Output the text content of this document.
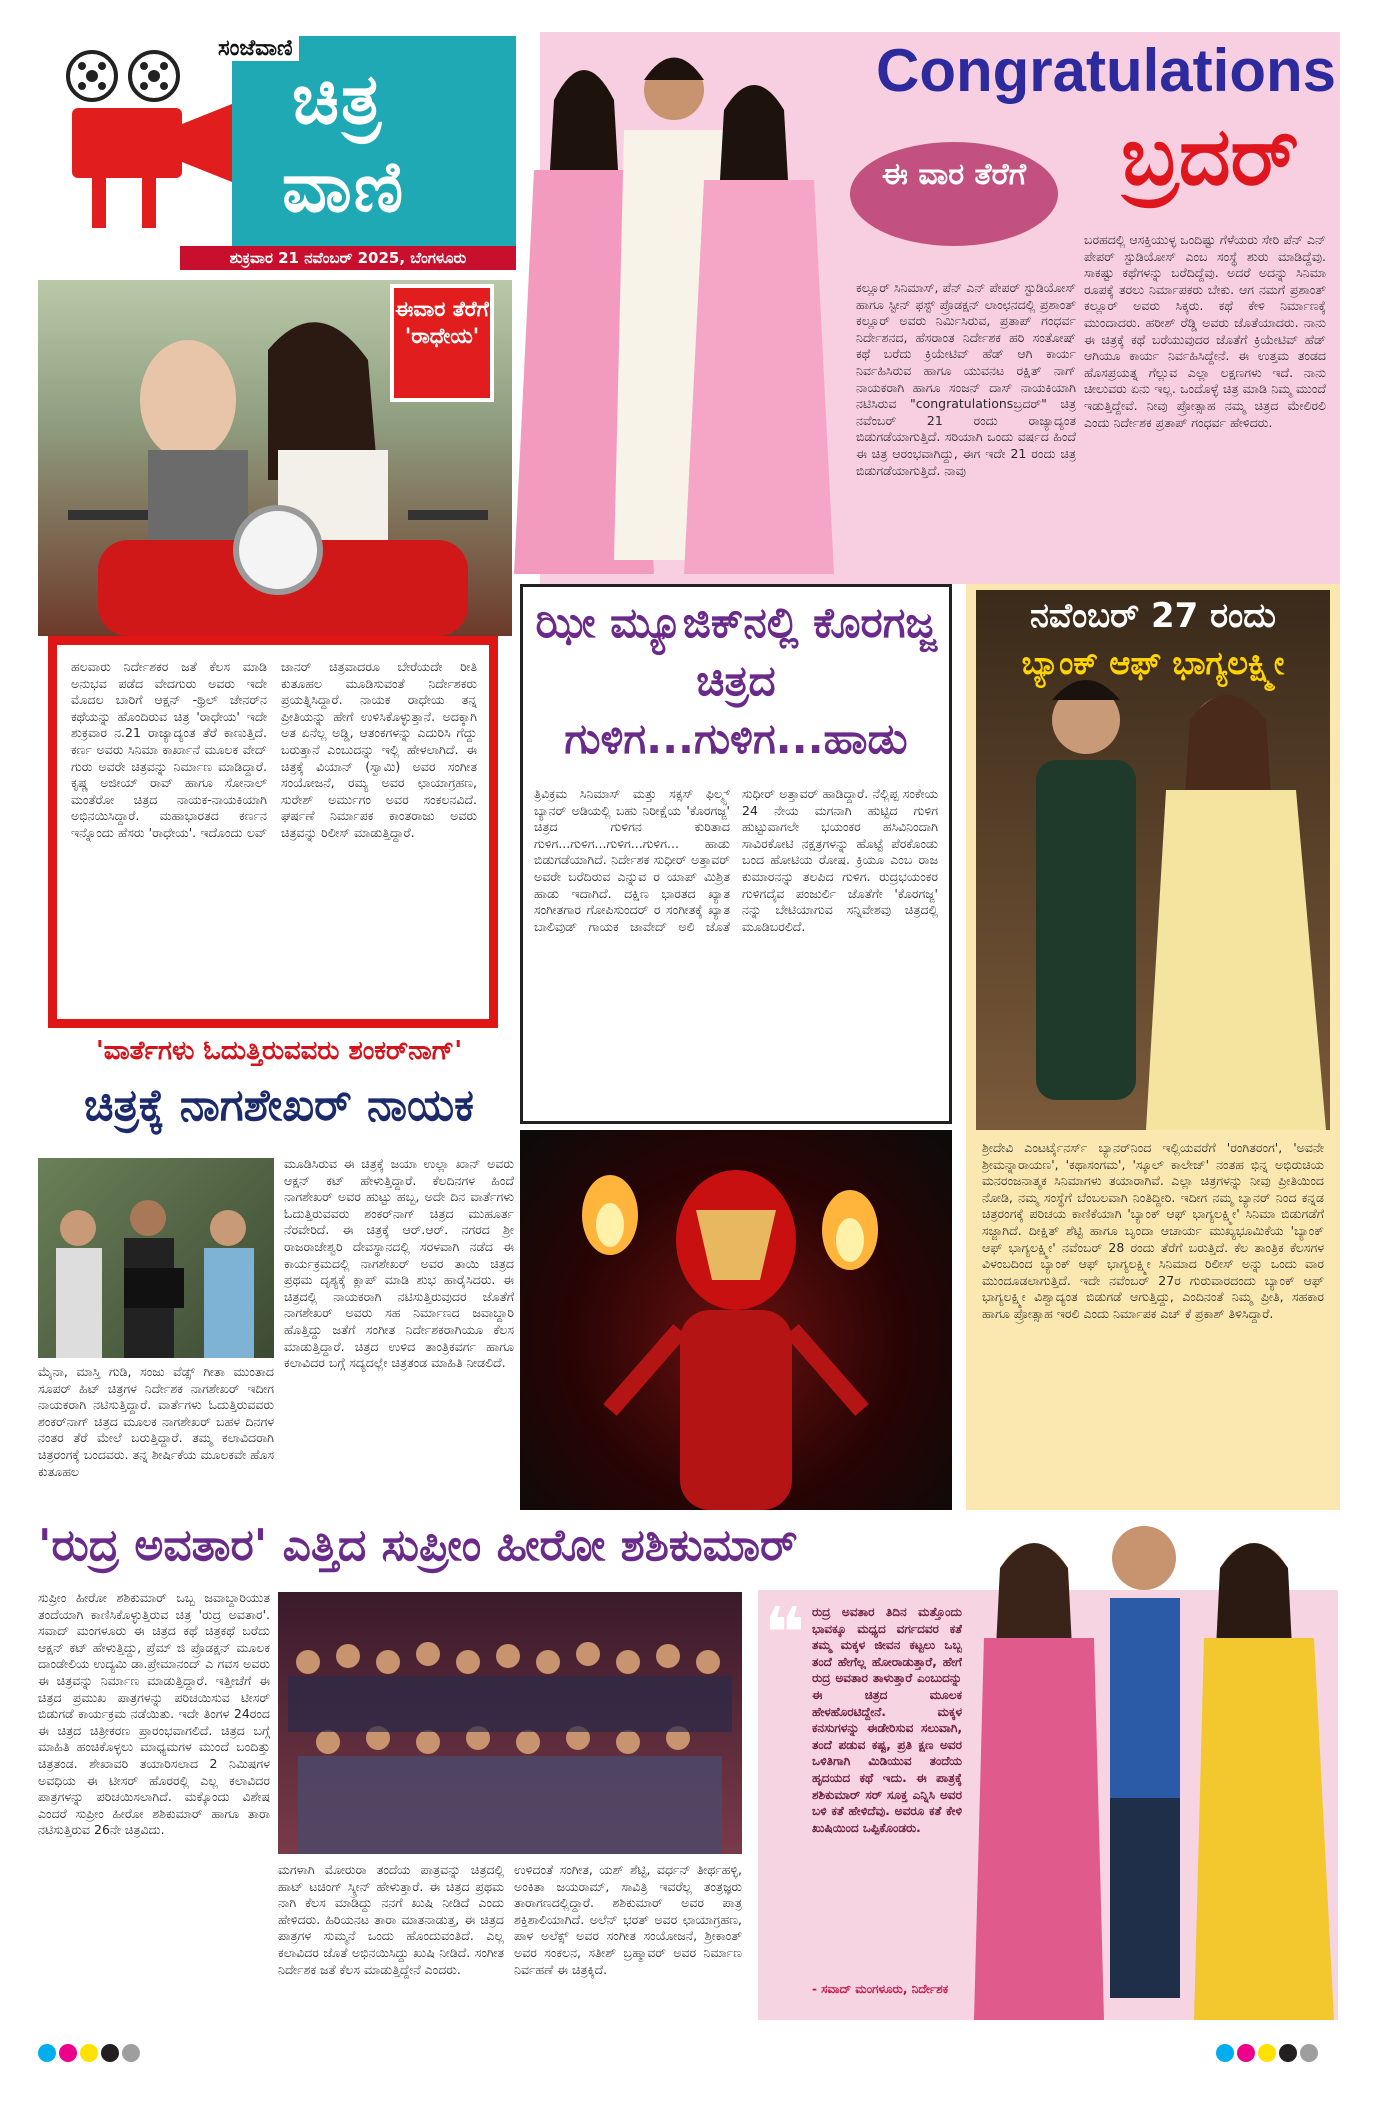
ಸಂಜೆವಾಣಿ
ಚಿತ್ರ
ವಾಣಿ
ಶುಕ್ರವಾರ 21 ನವೆಂಬರ್ 2025, ಬೆಂಗಳೂರು
ಈವಾರ ತೆರೆಗೆ 'ರಾಧೇಯ'
ಹಲವಾರು ನಿರ್ದೇಶಕರ ಜತೆ ಕೆಲಸ ಮಾಡಿ ಅನುಭವ ಪಡೆದ ವೇದಗುರು ಅವರು ಇದೇ ಮೊದಲ ಬಾರಿಗೆ ಆಕ್ಷನ್ -ಥ್ರಿಲ್ ಜೇನರ್‌ನ ಕಥೆಯನ್ನು ಹೊಂದಿರುವ ಚಿತ್ರ 'ರಾಧೇಯ' ಇದೇ ಶುಕ್ರವಾರ ನ.21 ರಾಜ್ಯಾದ್ಯಂತ ತೆರೆ ಕಾಣುತ್ತಿದೆ. ಕರ್ಣ ಅವರು ಸಿನಿಮಾ ಕಾರ್ಖಾನೆ ಮೂಲಕ ವೇದ್ ಗುರು ಅವರೇ ಚಿತ್ರವನ್ನು ನಿರ್ಮಾಣ ಮಾಡಿದ್ದಾರೆ. ಕೃಷ್ಣ ಅಜೀಯ್ ರಾವ್ ಹಾಗೂ ಸೋನಾಲ್ ಮಂತೆರೋ ಚಿತ್ರದ ನಾಯಕ-ನಾಯಕಿಯಾಗಿ ಅಭಿನಯಿಸಿದ್ದಾರೆ. ಮಹಾಭಾರತದ ಕರ್ಣನ ಇನ್ನೊಂದು ಹೆಸರು 'ರಾಧೇಯ'. ಇದೊಂದು ಲವ್ ಜಾನರ್ ಚಿತ್ರವಾದರೂ ಬೇರೆಯದೇ ರೀತಿ ಕುತೂಹಲ ಮೂಡಿಸುವಂತೆ ನಿರ್ದೇಶಕರು ಪ್ರಯತ್ನಿಸಿದ್ದಾರೆ. ನಾಯಕ ರಾಧೇಯ ತನ್ನ ಪ್ರೀತಿಯನ್ನು ಹೇಗೆ ಉಳಿಸಿಕೊಳ್ಳುತ್ತಾನೆ. ಅದಕ್ಕಾಗಿ ಅತ ಏನೆಲ್ಲ ಅಡ್ಡಿ, ಆತಂಕಗಳನ್ನು ಎದುರಿಸಿ ಗೆದ್ದು ಬರುತ್ತಾನೆ ಎಂಬುದನ್ನು ಇಲ್ಲಿ ಹೇಳಲಾಗಿದೆ. ಈ ಚಿತ್ರಕ್ಕೆ ವಿಯಾನ್ (ಸ್ವಾಮಿ) ಅವರ ಸಂಗೀತ ಸಂಯೋಜನೆ, ರಮ್ಯ ಅವರ ಛಾಯಾಗ್ರಹಣ, ಸುರೇಶ್ ಅರ್ಮುಗಂ ಅವರ ಸಂಕಲನವಿದೆ. ಘರ್ಷಣೆ ನಿರ್ಮಾಪಕ ಕಾಂತರಾಜು ಅವರು ಚಿತ್ರವನ್ನು ರಿಲೀಸ್ ಮಾಡುತ್ತಿದ್ದಾರೆ.
'ವಾರ್ತೆಗಳು ಓದುತ್ತಿರುವವರು ಶಂಕರ್‌ನಾಗ್'
ಚಿತ್ರಕ್ಕೆ ನಾಗಶೇಖರ್ ನಾಯಕ
ಮೈನಾ, ಮಾಸ್ತಿ ಗುಡಿ, ಸಂಜು ವೆಡ್ಸ್ ಗೀತಾ ಮುಂತಾದ ಸೂಪರ್ ಹಿಟ್ ಚಿತ್ರಗಳ ನಿರ್ದೇಶಕ ನಾಗಶೇಖರ್ ಇದೀಗ ನಾಯಕರಾಗಿ ನಟಿಸುತ್ತಿದ್ದಾರೆ. ವಾರ್ತೆಗಳು ಓದುತ್ತಿರುವವರು ಶಂಕರ್‌ನಾಗ್ ಚಿತ್ರದ ಮೂಲಕ ನಾಗಶೇಖರ್ ಬಹಳ ದಿನಗಳ ನಂತರ ತೆರೆ ಮೇಲೆ ಬರುತ್ತಿದ್ದಾರೆ. ತಮ್ಮ ಕಲಾವಿದರಾಗಿ ಚಿತ್ರರಂಗಕ್ಕೆ ಬಂದವರು. ತನ್ನ ಶೀರ್ಷಿಕೆಯ ಮೂಲಕವೇ ಹೊಸ ಕುತೂಹಲ
ಮೂಡಿಸಿರುವ ಈ ಚಿತ್ರಕ್ಕೆ ಜಯಾ ಉಲ್ಲಾ ಖಾನ್ ಅವರು ಆಕ್ಷನ್ ಕಟ್ ಹೇಳುತ್ತಿದ್ದಾರೆ. ಕೆಲದಿನಗಳ ಹಿಂದೆ ನಾಗಶೇಖರ್ ಅವರ ಹುಟ್ಟು ಹಬ್ಬ, ಅದೇ ದಿನ ವಾರ್ತೆಗಳು ಓದುತ್ತಿರುವವರು ಶಂಕರ್‌ನಾಗ್ ಚಿತ್ರದ ಮುಹೂರ್ತ ನೆರವೇರಿದೆ. ಈ ಚಿತ್ರಕ್ಕೆ ಆರ್.ಆರ್. ನಗರದ ಶ್ರೀ ರಾಜರಾಜೇಶ್ವರಿ ದೇವಸ್ಥಾನದಲ್ಲಿ ಸರಳವಾಗಿ ನಡೆದ ಈ ಕಾರ್ಯಕ್ರಮದಲ್ಲಿ ನಾಗಶೇಖರ್ ಅವರ ತಾಯಿ ಚಿತ್ರದ ಪ್ರಥಮ ದೃಶ್ಯಕ್ಕೆ ಕ್ಲಾಪ್ ಮಾಡಿ ಶುಭ ಹಾರೈಸಿದರು. ಈ ಚಿತ್ರದಲ್ಲಿ ನಾಯಕರಾಗಿ ನಟಿಸುತ್ತಿರುವುದರ ಜೊತೆಗೆ ನಾಗಶೇಖರ್ ಅವರು ಸಹ ನಿರ್ಮಾಣದ ಜವಾಬ್ದಾರಿ ಹೊತ್ತಿದ್ದು ಜತೆಗೆ ಸಂಗೀತ ನಿರ್ದೇಶಕರಾಗಿಯೂ ಕೆಲಸ ಮಾಡುತ್ತಿದ್ದಾರೆ. ಚಿತ್ರದ ಉಳಿದ ತಾಂತ್ರಿಕವರ್ಗ ಹಾಗೂ ಕಲಾವಿದರ ಬಗ್ಗೆ ಸದ್ಯದಲ್ಲೇ ಚಿತ್ರತಂಡ ಮಾಹಿತಿ ನೀಡಲಿದೆ.
Congratulations
ಬ್ರದರ್
ಈ ವಾರ ತೆರೆಗೆ
ಕಲ್ಲೂರ್ ಸಿನಿಮಾಸ್, ಪೆನ್ ಎನ್ ಪೇಪರ್ ಸ್ಟುಡಿಯೋಸ್ ಹಾಗೂ ಸ್ಟೀನ್ ಫಸ್ಟ್ ಪ್ರೊಡಕ್ಷನ್ ಲಾಂಛನದಲ್ಲಿ ಪ್ರಶಾಂತ್ ಕಲ್ಲೂರ್ ಅವರು ನಿರ್ಮಿಸಿರುವ, ಪ್ರತಾಪ್ ಗಂಧರ್ವ ನಿರ್ದೇಶನದ, ಹೆಸರಾಂತ ನಿರ್ದೇಶಕ ಹರಿ ಸಂತೋಷ್ ಕಥೆ ಬರೆದು ಕ್ರಿಯೇಟಿವ್ ಹೆಡ್ ಆಗಿ ಕಾರ್ಯ ನಿರ್ವಹಿಸಿರುವ ಹಾಗೂ ಯುವನಟ ರಕ್ಷಿತ್ ನಾಗ್ ನಾಯಕರಾಗಿ ಹಾಗೂ ಸಂಜನ್ ದಾಸ್ ನಾಯಕಿಯಾಗಿ ನಟಿಸಿರುವ "congratulationsಬ್ರದರ್" ಚಿತ್ರ ನವೆಂಬರ್ 21 ರಂದು ರಾಜ್ಯಾದ್ಯಂತ ಬಿಡುಗಡೆಯಾಗುತ್ತಿದೆ. ಸರಿಯಾಗಿ ಒಂದು ವರ್ಷದ ಹಿಂದೆ ಈ ಚಿತ್ರ ಆರಂಭವಾಗಿದ್ದು, ಈಗ ಇದೇ 21 ರಂದು ಚಿತ್ರ ಬಿಡುಗಡೆಯಾಗುತ್ತಿದೆ. ನಾವು
ಬರಹದಲ್ಲಿ ಆಸಕ್ತಿಯುಳ್ಳ ಒಂದಿಷ್ಟು ಗೆಳೆಯರು ಸೇರಿ ಪೆನ್ ಎನ್ ಪೇಪರ್ ಸ್ಟುಡಿಯೋಸ್ ಎಂಬ ಸಂಸ್ಥೆ ಶುರು ಮಾಡಿದ್ದೆವು. ಸಾಕಷ್ಟು ಕಥೆಗಳನ್ನು ಬರೆದಿದ್ದೆವು. ಅದರೆ ಅದನ್ನು ಸಿನಿಮಾ ರೂಪಕ್ಕೆ ತರಲು ನಿರ್ಮಾಪಕರು ಬೇಕು. ಆಗ ನಮಗೆ ಪ್ರಶಾಂತ್ ಕಲ್ಲೂರ್ ಅವರು ಸಿಕ್ಕರು. ಕಥೆ ಕೇಳಿ ನಿರ್ಮಾಣಕ್ಕೆ ಮುಂದಾದರು. ಹರೀಶ್ ರೆಡ್ಡಿ ಅವರು ಜೊತೆಯಾದರು. ನಾನು ಈ ಚಿತ್ರಕ್ಕೆ ಕಥೆ ಬರೆಯುವುದರ ಜೊತೆಗೆ ಕ್ರಿಯೇಟಿವ್ ಹೆಡ್ ಆಗಿಯೂ ಕಾರ್ಯ ನಿರ್ವಹಿಸಿದ್ದೇನೆ. ಈ ಉತ್ತಮ ತಂಡದ ಹೊಸಪ್ರಯತ್ನ ಗೆಲ್ಲುವ ಎಲ್ಲಾ ಲಕ್ಷಣಗಳು ಇದೆ. ನಾನು ಚೀಲುವರು ಏನು ಇಲ್ಲ. ಒಂದೊಳ್ಳೆ ಚಿತ್ರ ಮಾಡಿ ನಿಮ್ಮ ಮುಂದೆ ಇಡುತ್ತಿದ್ದೇವೆ. ನೀವು ಪ್ರೋತ್ಸಾಹ ನಮ್ಮ ಚಿತ್ರದ ಮೇಲಿರಲಿ ಎಂದು ನಿರ್ದೇಶಕ ಪ್ರತಾಪ್ ಗಂಧರ್ವ ಹೇಳಿದರು.
ಝೀ ಮ್ಯೂಜಿಕ್‌ನಲ್ಲಿ ಕೊರಗಜ್ಜ ಚಿತ್ರದ ಗುಳಿಗ...ಗುಳಿಗ...ಹಾಡು
ತ್ರಿವಿಕ್ರಮ ಸಿನಿಮಾಸ್ ಮತ್ತು ಸಕ್ಸಸ್ ಫಿಲ್ಮ್ಸ್ ಬ್ಯಾನರ್ ಅಡಿಯಲ್ಲಿ ಬಹು ನಿರೀಕ್ಷೆಯ 'ಕೊರಗಜ್ಜ' ಚಿತ್ರದ ಗುಳಿಗನ ಕುರಿತಾದ ಗುಳಿಗ...ಗುಳಿಗ...ಗುಳಿಗ...ಗುಳಿಗ... ಹಾಡು ಬಿಡುಗಡೆಯಾಗಿದೆ. ನಿರ್ದೇಶಕ ಸುಧೀರ್ ಅತ್ತಾವರ್ ಅವರೇ ಬರೆದಿರುವ ಎನ್ನುವ ರ ಯಾಪ್ ಮಿಶ್ರಿತ ಹಾಡು ಇದಾಗಿದೆ. ದಕ್ಷಿಣ ಭಾರತದ ಖ್ಯಾತ ಸಂಗೀತಗಾರ ಗೋಪಿಸುಂದರ್ ರ ಸಂಗೀತಕ್ಕೆ ಖ್ಯಾತ ಬಾಲಿವುಡ್ ಗಾಯಕ ಜಾವೇದ್ ಅಲಿ ಜೊತೆ ಸುಧೀರ್ ಅತ್ತಾವರ್ ಹಾಡಿದ್ದಾರೆ. ನೆಲ್ಲಿಪ್ಪ ಸಂಕೇಯ 24 ನೇಯ ಮಗನಾಗಿ ಹುಟ್ಟಿದ ಗುಳಿಗ ಹುಟ್ಟುವಾಗಲೇ ಭಯಂಕರ ಹಸಿವಿನಿಂದಾಗಿ ಸಾವಿರಕೋಟಿ ನಕ್ಷತ್ರಗಳನ್ನು ಹೊಟ್ಟೆ ಪೆರಕೊಂಡು ಬಂದ ಹೋಟಿಯ ರೋಷ. ಕ್ರಿಯೂ ಎಂಬ ರಾಜ ಕುಮಾರನನ್ನು ತಲಪಿದ ಗುಳಿಗ. ರುದ್ರಭಯಂಕರ ಗುಳಿಗದೈವ ಪಂಜುರ್ಲಿ ಜೊತೆಗೇ 'ಕೊರಗಜ್ಜ' ನನ್ನು ಬೇಟಿಯಾಗುವ ಸನ್ನಿವೇಶವು ಚಿತ್ರದಲ್ಲಿ ಮೂಡಿಬರಲಿದೆ.
ನವೆಂಬರ್ 27 ರಂದು
ಬ್ಯಾಂಕ್ ಆಫ್ ಭಾಗ್ಯಲಕ್ಷ್ಮೀ
ಶ್ರೀದೇವಿ ಎಂಟರ್ಟೈನರ್ಸ್ ಬ್ಯಾನರ್‌ನಿಂದ ಇಲ್ಲಿಯವರೆಗೆ 'ರಂಗಿತರಂಗ', 'ಅವನೇ ಶ್ರೀಮನ್ನಾರಾಯಣ', 'ಕಥಾಸಂಗಮ', 'ಸ್ಕೂಲ್ ಕಾಲೇಜ್' ನಂತಹ ಭಿನ್ನ ಅಭಿರುಚಿಯ ಮನರಂಜನಾತ್ಮಕ ಸಿನಿಮಾಗಳು ತಯಾರಾಗಿವೆ. ಎಲ್ಲಾ ಚಿತ್ರಗಳನ್ನು ನೀವು ಪ್ರೀತಿಯಿಂದ ನೋಡಿ, ನಮ್ಮ ಸಂಸ್ಥೆಗೆ ಬೆಂಬಲವಾಗಿ ನಿಂತಿದ್ದೀರಿ. ಇದೀಗ ನಮ್ಮ ಬ್ಯಾನರ್ ನಿಂದ ಕನ್ನಡ ಚಿತ್ರರಂಗಕ್ಕೆ ಪರಿಚಯ ಕಾಣಿಕೆಯಾಗಿ 'ಬ್ಯಾಂಕ್ ಆಫ್ ಭಾಗ್ಯಲಕ್ಷ್ಮೀ' ಸಿನಿಮಾ ಬಿಡುಗಡೆಗೆ ಸಜ್ಜಾಗಿದೆ. ದೀಕ್ಷಿತ್ ಶೆಟ್ಟಿ ಹಾಗೂ ಬೃಂದಾ ಆಚಾರ್ಯ ಮುಖ್ಯಭೂಮಿಕೆಯ 'ಬ್ಯಾಂಕ್ ಆಫ್ ಭಾಗ್ಯಲಕ್ಷ್ಮೀ' ನವೆಂಬರ್ 28 ರಂದು ತೆರೆಗೆ ಬರುತ್ತಿದೆ. ಕೆಲ ತಾಂತ್ರಿಕ ಕೆಲಸಗಳ ವಿಳಂಬದಿಂದ ಬ್ಯಾಂಕ್ ಆಫ್ ಭಾಗ್ಯಲಕ್ಷ್ಮೀ ಸಿನಿಮಾದ ರಿಲೀಸ್ ಅನ್ನು ಒಂದು ವಾರ ಮುಂದೂಡಲಾಗುತ್ತಿದೆ. ಇದೇ ನವೆಂಬರ್ 27ರ ಗುರುವಾರದಂದು ಬ್ಯಾಂಕ್ ಆಫ್ ಭಾಗ್ಯಲಕ್ಷ್ಮೀ ವಿಶ್ವಾದ್ಯಂತ ಬಿಡುಗಡೆ ಆಗುತ್ತಿದ್ದು, ಎಂದಿನಂತೆ ನಿಮ್ಮ ಪ್ರೀತಿ, ಸಹಕಾರ ಹಾಗೂ ಪ್ರೋತ್ಸಾಹ ಇರಲಿ ಎಂದು ನಿರ್ಮಾಪಕ ಎಚ್ ಕೆ ಪ್ರಕಾಶ್ ತಿಳಿಸಿದ್ದಾರೆ.
'ರುದ್ರ ಅವತಾರ' ಎತ್ತಿದ ಸುಪ್ರೀಂ ಹೀರೋ ಶಶಿಕುಮಾರ್
ಸುಪ್ರೀಂ ಹೀರೋ ಶಶಿಕುಮಾರ್ ಒಬ್ಬ ಜವಾಬ್ದಾರಿಯುತ ತಂದೆಯಾಗಿ ಕಾಣಿಸಿಕೊಳ್ಳುತ್ತಿರುವ ಚಿತ್ರ 'ರುದ್ರ ಅವತಾರ'. ಸವಾದ್ ಮಂಗಳೂರು ಈ ಚಿತ್ರದ ಕಥೆ ಚಿತ್ರಕಥೆ ಬರೆದು ಆಕ್ಷನ್ ಕಟ್ ಹೇಳುತ್ತಿದ್ದು, ಪ್ರೆಮ್ ಜಿ ಪ್ರೊಡಕ್ಷನ್ ಮೂಲಕ ದಾಂಡೇಲಿಯ ಉದ್ಯಮಿ ಡಾ.ಪ್ರೇಮಾನಂದ್ ಎ ಗವಸ ಅವರು ಈ ಚಿತ್ರವನ್ನು ನಿರ್ಮಾಣ ಮಾಡುತ್ತಿದ್ದಾರೆ. ಇತ್ತೀಚೆಗೆ ಈ ಚಿತ್ರದ ಪ್ರಮುಖ ಪಾತ್ರಗಳನ್ನು ಪರಿಚಯಿಸುವ ಟೀಸರ್ ಬಿಡುಗಡೆ ಕಾರ್ಯಕ್ರಮ ನಡೆಯಿತು. ಇದೇ ತಿಂಗಳ 24ರಂದ ಈ ಚಿತ್ರದ ಚಿತ್ರೀಕರಣ ಪ್ರಾರಂಭವಾಗಲಿದೆ. ಚಿತ್ರದ ಬಗ್ಗೆ ಮಾಹಿತಿ ಹಂಚಿಕೊಳ್ಳಲು ಮಾಧ್ಯಮಗಳ ಮುಂದೆ ಬಂದಿತ್ತು ಚಿತ್ರತಂಡ. ಶೇಖಾವರಿ ತಯಾರಿಸಲಾದ 2 ನಿಮಿಷಗಳ ಅವಧಿಯ ಈ ಟೀಸರ್ ಹೊರ‍ರಲ್ಲಿ ಎಲ್ಲ ಕಲಾವಿದರ ಪಾತ್ರಗಳನ್ನು ಪರಿಚಯಿಸಲಾಗಿದೆ. ಮಕ್ಕೊಂದು ವಿಶೇಷ ಎಂದರೆ ಸುಪ್ರೀಂ ಹೀರೋ ಶಶಿಕುಮಾರ್ ಹಾಗೂ ತಾರಾ ನಟಿಸುತ್ತಿರುವ 26ನೇ ಚಿತ್ರವಿದು.
ಮಗಳಾಗಿ ಮೋರುರಾ ತಂದೆಯ ಪಾತ್ರವನ್ನು ಚಿತ್ರದಲ್ಲಿ ಹಾಟ್ ಟಚಿಂಗ್ ಸ್ಕ್ರೀನ್ ಹೇಳುತ್ತಾರೆ. ಈ ಚಿತ್ರದ ಪ್ರಥಮ ನಾಗಿ ಕೆಲಸ ಮಾಡಿದ್ದು ನನಗೆ ಖುಷಿ ನೀಡಿದೆ ಎಂದು ಹೇಳಿದರು. ಹಿರಿಯನಟ ತಾರಾ ಮಾತನಾಡುತ್ತ, ಈ ಚಿತ್ರದ ಪಾತ್ರಗಳ ಸುಮ್ಮನೆ ಒಂದು ಹೊಂದುವಂತಿದೆ. ಎಲ್ಲ ಕಲಾವಿದರ ಜೊತೆ ಅಭಿನಯಿಸಿದ್ದು ಖುಷಿ ನೀಡಿದೆ. ಸಂಗೀತ ನಿರ್ದೇಶಕ ಜತೆ ಕೆಲಸ ಮಾಡುತ್ತಿದ್ದೇನೆ ಎಂದರು.
ಉಳಿದಂತೆ ಸಂಗೀತ, ಯಶ್ ಶೆಟ್ಟಿ, ವರ್ಧನ್ ತೀರ್ಥಹಳ್ಳಿ, ಅಂಕಿತಾ ಜಯರಾಮ್, ಸಾವಿತ್ರಿ ಇವರೆಲ್ಲ ತಂತ್ರಜ್ಞರು ತಾರಾಗಣದಲ್ಲಿದ್ದಾರೆ. ಶಶಿಕುಮಾರ್ ಅವರ ಪಾತ್ರ ಶಕ್ತಿಶಾಲಿಯಾಗಿದೆ. ಅಲೆನ್ ಭರತ್ ಅವರ ಛಾಯಾಗ್ರಹಣ, ಪಾಳ ಅಲೆಕ್ಸ್ ಅವರ ಸಂಗೀತ ಸಂಯೋಜನೆ, ಶ್ರೀಕಾಂತ್ ಅವರ ಸಂಕಲನ, ಸತೀಶ್ ಬ್ರಹ್ಮಾವರ್ ಅವರ ನಿರ್ಮಾಣ ನಿರ್ವಹಣೆ ಈ ಚಿತ್ರಕ್ಕಿದೆ.
❝ ರುದ್ರ ಅವತಾರ ತಿದಿನ ಮತ್ತೊಂದು ಭಾವಕ್ಕೂ ಮಧ್ಯದ ವರ್ಗದವರ ಕತೆ ತಮ್ಮ ಮಕ್ಕಳ ಜೀವನ ಕಟ್ಟಲು ಒಬ್ಬ ತಂದೆ ಹೇಗೆಲ್ಲ ಹೋರಾಡುತ್ತಾರೆ, ಹೇಗೆ ರುದ್ರ ಅವತಾರ ತಾಳುತ್ತಾರೆ ಎಂಬುದನ್ನು ಈ ಚಿತ್ರದ ಮೂಲಕ ಹೇಳಹೊರಟಿದ್ದೇನೆ. ಮಕ್ಕಳ ಕನಸುಗಳನ್ನು ಈಡೇರಿಸುವ ಸಲುವಾಗಿ, ತಂದೆ ಪಡುವ ಕಷ್ಟ, ಪ್ರತಿ ಕ್ಷಣ ಅವರ ಒಳಿತಿಗಾಗಿ ಮಿಡಿಯುವ ತಂದೆಯ ಹೃದಯದ ಕಥೆ ಇದು. ಈ ಪಾತ್ರಕ್ಕೆ ಶಶಿಕುಮಾರ್ ಸರ್ ಸೂಕ್ತ ಎನ್ನಿಸಿ ಅವರ ಬಳಿ ಕತೆ ಹೇಳಿದೆವು. ಅವರೂ ಕತೆ ಕೇಳಿ ಖುಷಿಯಿಂದ ಒಪ್ಪಿಕೊಂಡರು.
- ಸವಾದ್ ಮಂಗಳೂರು, ನಿರ್ದೇಶಕ
